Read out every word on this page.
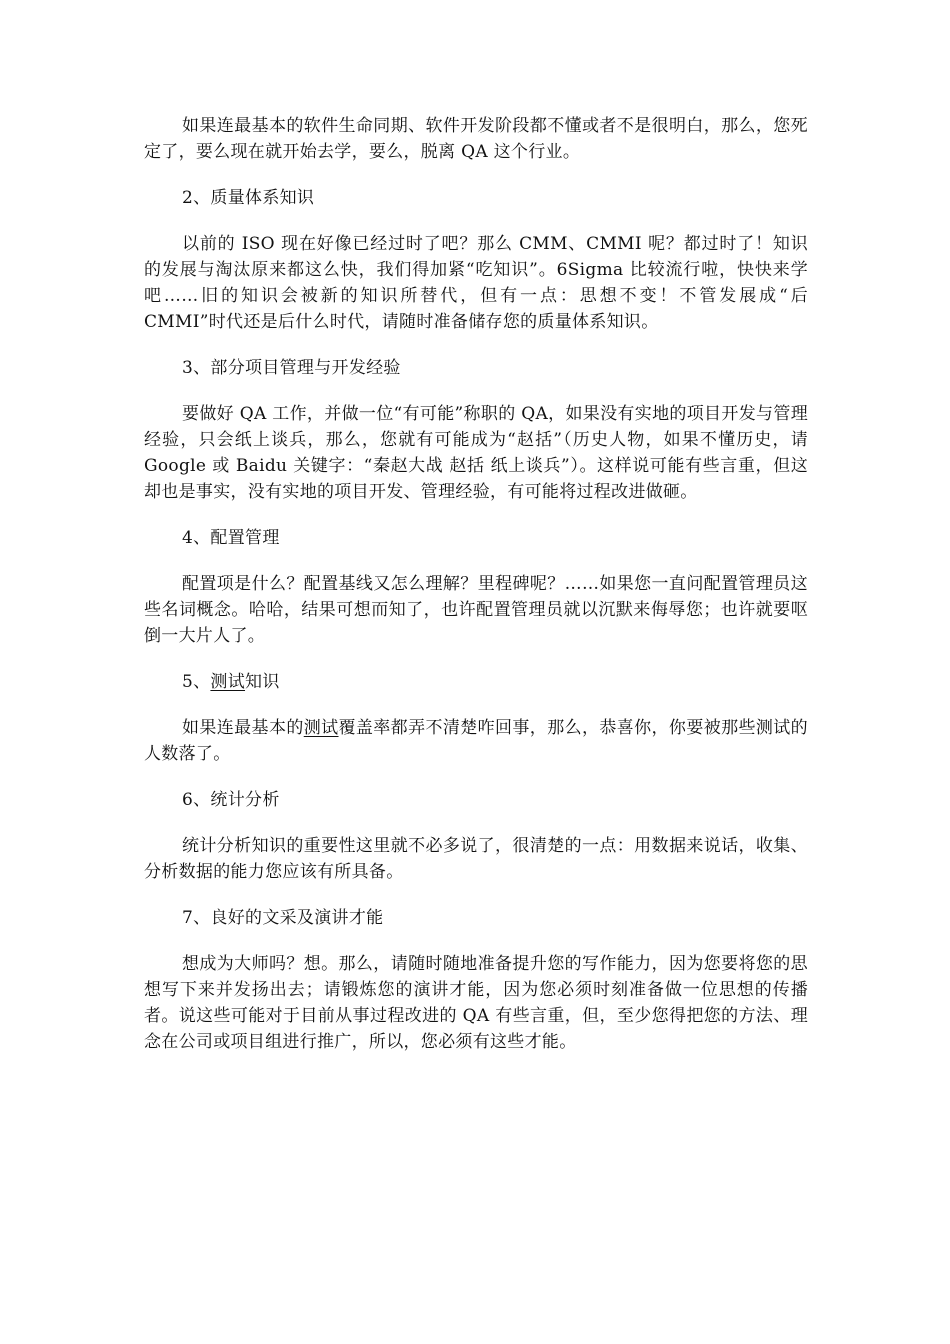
如果连最基本的软件生命同期、软件开发阶段都不懂或者不是很明白，那么，您死定了，要么现在就开始去学，要么，脱离 QA 这个行业。

2、质量体系知识

以前的 ISO 现在好像已经过时了吧？那么 CMM、CMMI 呢？都过时了！知识的发展与淘汰原来都这么快，我们得加紧“吃知识”。6Sigma 比较流行啦，快快来学吧……旧的知识会被新的知识所替代，但有一点：思想不变！不管发展成“后 CMMI”时代还是后什么时代，请随时准备储存您的质量体系知识。

3、部分项目管理与开发经验

要做好 QA 工作，并做一位“有可能”称职的 QA，如果没有实地的项目开发与管理经验，只会纸上谈兵，那么，您就有可能成为“赵括”（历史人物，如果不懂历史，请 Google 或 Baidu 关键字：“秦赵大战 赵括 纸上谈兵”）。这样说可能有些言重，但这却也是事实，没有实地的项目开发、管理经验，有可能将过程改进做砸。

4、配置管理

配置项是什么？配置基线又怎么理解？里程碑呢？……如果您一直问配置管理员这些名词概念。哈哈，结果可想而知了，也许配置管理员就以沉默来侮辱您；也许就要呕倒一大片人了。

5、测试知识

如果连最基本的测试覆盖率都弄不清楚咋回事，那么，恭喜你，你要被那些测试的人数落了。

6、统计分析

统计分析知识的重要性这里就不必多说了，很清楚的一点：用数据来说话，收集、分析数据的能力您应该有所具备。

7、良好的文采及演讲才能

想成为大师吗？想。那么，请随时随地准备提升您的写作能力，因为您要将您的思想写下来并发扬出去；请锻炼您的演讲才能，因为您必须时刻准备做一位思想的传播者。说这些可能对于目前从事过程改进的 QA 有些言重，但，至少您得把您的方法、理念在公司或项目组进行推广，所以，您必须有这些才能。
